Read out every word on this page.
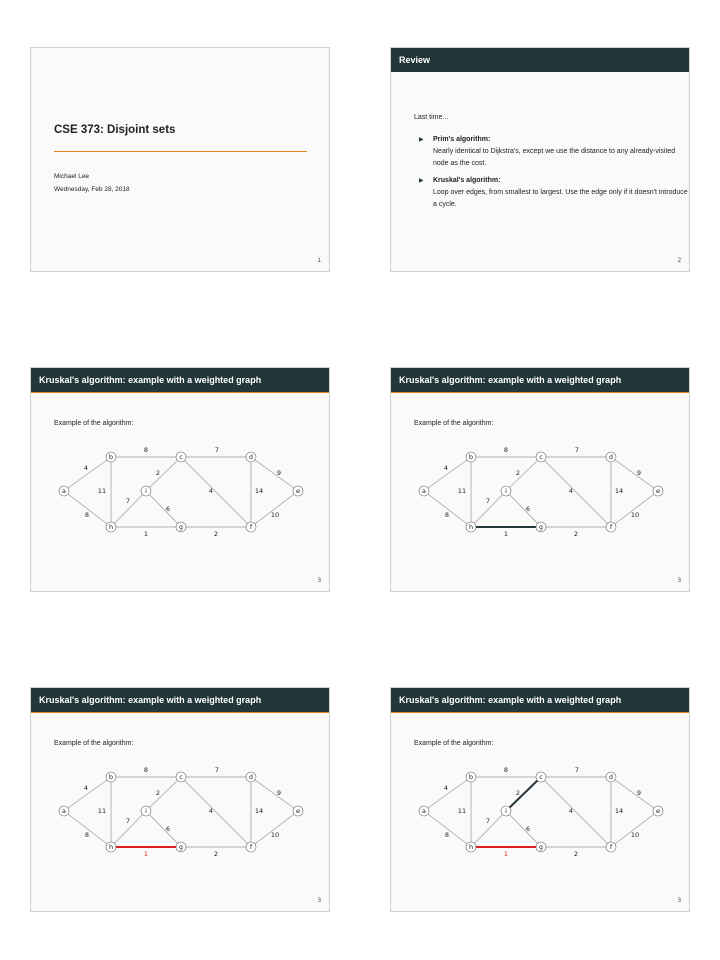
CSE 373: Disjoint sets
Michael Lee
Wednesday, Feb 28, 2018
1
Review
Last time...
▶ Prim's algorithm:
Nearly identical to Dijkstra's, except we use the distance to any already-visited node as the cost.
▶ Kruskal's algorithm:
Loop over edges, from smallest to largest. Use the edge only if it doesn't introduce a cycle.
2
Kruskal's algorithm: example with a weighted graph
Example of the algorithm:
8	7
4
2	9
11	4	14
7
6
8	10
1	2
a
b	c	d
e
f
g
h
i
3
Kruskal's algorithm: example with a weighted graph
Example of the algorithm:
8	7
4
2	9
11	4	14
7
6
8	10
1	2
a
b	c	d
e
f
g
h
i
3
Kruskal's algorithm: example with a weighted graph
Example of the algorithm:
8	7
4
2	9
11	4	14
7
6
8	10
1	2
a
b	c	d
e
f
g
h
i
3
Kruskal's algorithm: example with a weighted graph
Example of the algorithm:
8	7
4
2	9
11	4	14
7
6
8	10
1	2
a
b	c	d
e
f
g
h
i
3
